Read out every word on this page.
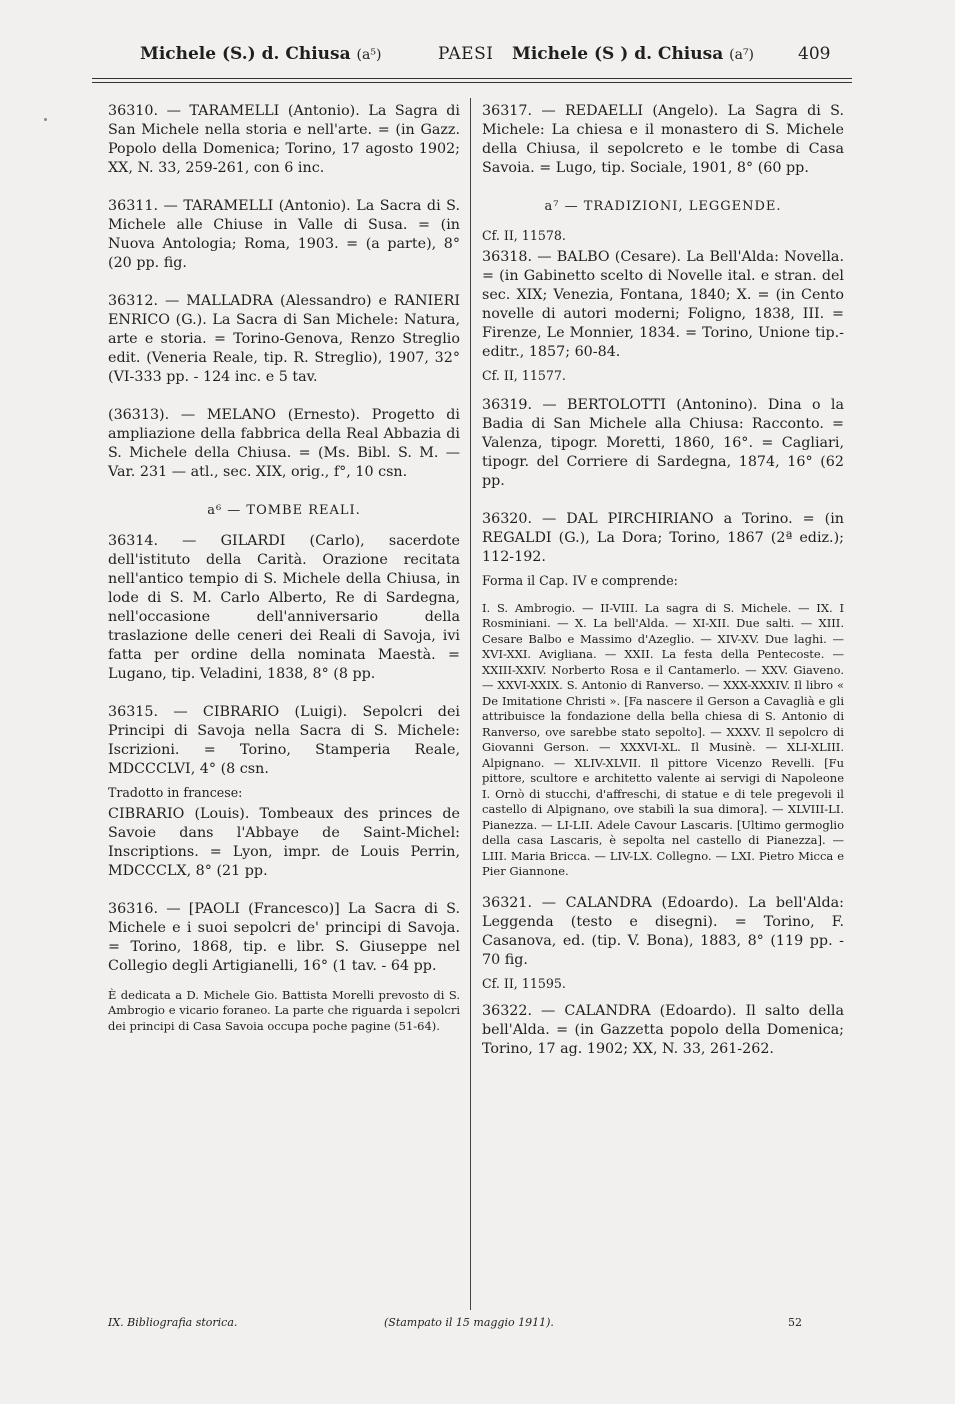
Michele (S.) d. Chiusa (a⁵)	PAESI Michele (S ) d. Chiusa (a⁷)	409

36310. — TARAMELLI (Antonio). La Sagra di San Michele nella storia e nell'arte. = (in Gazz. Popolo della Domenica; Torino, 17 agosto 1902; XX, N. 33, 259-261, con 6 inc.

36311. — TARAMELLI (Antonio). La Sacra di S. Michele alle Chiuse in Valle di Susa. = (in Nuova Antologia; Roma, 1903. = (a parte), 8° (20 pp. fig.

36312. — MALLADRA (Alessandro) e RANIERI ENRICO (G.). La Sacra di San Michele: Natura, arte e storia. = Torino-Genova, Renzo Streglio edit. (Veneria Reale, tip. R. Streglio), 1907, 32° (VI-333 pp. - 124 inc. e 5 tav.

(36313). — MELANO (Ernesto). Progetto di ampliazione della fabbrica della Real Abbazia di S. Michele della Chiusa. = (Ms. Bibl. S. M. — Var. 231 — atl., sec. XIX, orig., f°, 10 csn.

a⁶ — TOMBE REALI.

36314. — GILARDI (Carlo), sacerdote dell'istituto della Carità. Orazione recitata nell'antico tempio di S. Michele della Chiusa, in lode di S. M. Carlo Alberto, Re di Sardegna, nell'occasione dell'anniversario della traslazione delle ceneri dei Reali di Savoja, ivi fatta per ordine della nominata Maestà. = Lugano, tip. Veladini, 1838, 8° (8 pp.

36315. — CIBRARIO (Luigi). Sepolcri dei Principi di Savoja nella Sacra di S. Michele: Iscrizioni. = Torino, Stamperia Reale, MDCCCLVI, 4° (8 csn.

Tradotto in francese:

CIBRARIO (Louis). Tombeaux des princes de Savoie dans l'Abbaye de Saint-Michel: Inscriptions. = Lyon, impr. de Louis Perrin, MDCCCLX, 8° (21 pp.

36316. — [PAOLI (Francesco)] La Sacra di S. Michele e i suoi sepolcri de' principi di Savoja. = Torino, 1868, tip. e libr. S. Giuseppe nel Collegio degli Artigianelli, 16° (1 tav. - 64 pp.

È dedicata a D. Michele Gio. Battista Morelli prevosto di S. Ambrogio e vicario foraneo. La parte che riguarda i sepolcri dei principi di Casa Savoia occupa poche pagine (51-64).

36317. — REDAELLI (Angelo). La Sagra di S. Michele: La chiesa e il monastero di S. Michele della Chiusa, il sepolcreto e le tombe di Casa Savoia. = Lugo, tip. Sociale, 1901, 8° (60 pp.

a⁷ — TRADIZIONI, LEGGENDE.

Cf. II, 11578.

36318. — BALBO (Cesare). La Bell'Alda: Novella. = (in Gabinetto scelto di Novelle ital. e stran. del sec. XIX; Venezia, Fontana, 1840; X. = (in Cento novelle di autori moderni; Foligno, 1838, III. = Firenze, Le Monnier, 1834. = Torino, Unione tip.-editr., 1857; 60-84.

Cf. II, 11577.

36319. — BERTOLOTTI (Antonino). Dina o la Badia di San Michele alla Chiusa: Racconto. = Valenza, tipogr. Moretti, 1860, 16°. = Cagliari, tipogr. del Corriere di Sardegna, 1874, 16° (62 pp.

36320. — DAL PIRCHIRIANO a Torino. = (in REGALDI (G.), La Dora; Torino, 1867 (2ª ediz.); 112-192.

Forma il Cap. IV e comprende:

I. S. Ambrogio. — II-VIII. La sagra di S. Michele. — IX. I Rosminiani. — X. La bell'Alda. — XI-XII. Due salti. — XIII. Cesare Balbo e Massimo d'Azeglio. — XIV-XV. Due laghi. — XVI-XXI. Avigliana. — XXII. La festa della Pentecoste. — XXIII-XXIV. Norberto Rosa e il Cantamerlo. — XXV. Giaveno. — XXVI-XXIX. S. Antonio di Ranverso. — XXX-XXXIV. Il libro « De Imitatione Christi ». [Fa nascere il Gerson a Cavaglià e gli attribuisce la fondazione della bella chiesa di S. Antonio di Ranverso, ove sarebbe stato sepolto]. — XXXV. Il sepolcro di Giovanni Gerson. — XXXVI-XL. Il Musinè. — XLI-XLIII. Alpignano. — XLIV-XLVII. Il pittore Vicenzo Revelli. [Fu pittore, scultore e architetto valente ai servigi di Napoleone I. Ornò di stucchi, d'affreschi, di statue e di tele pregevoli il castello di Alpignano, ove stabilì la sua dimora]. — XLVIII-LI. Pianezza. — LI-LII. Adele Cavour Lascaris. [Ultimo germoglio della casa Lascaris, è sepolta nel castello di Pianezza]. — LIII. Maria Bricca. — LIV-LX. Collegno. — LXI. Pietro Micca e Pier Giannone.

36321. — CALANDRA (Edoardo). La bell'Alda: Leggenda (testo e disegni). = Torino, F. Casanova, ed. (tip. V. Bona), 1883, 8° (119 pp. - 70 fig.

Cf. II, 11595.

36322. — CALANDRA (Edoardo). Il salto della bell'Alda. = (in Gazzetta popolo della Domenica; Torino, 17 ag. 1902; XX, N. 33, 261-262.

IX. Bibliografia storica.	(Stampato il 15 maggio 1911).	52
